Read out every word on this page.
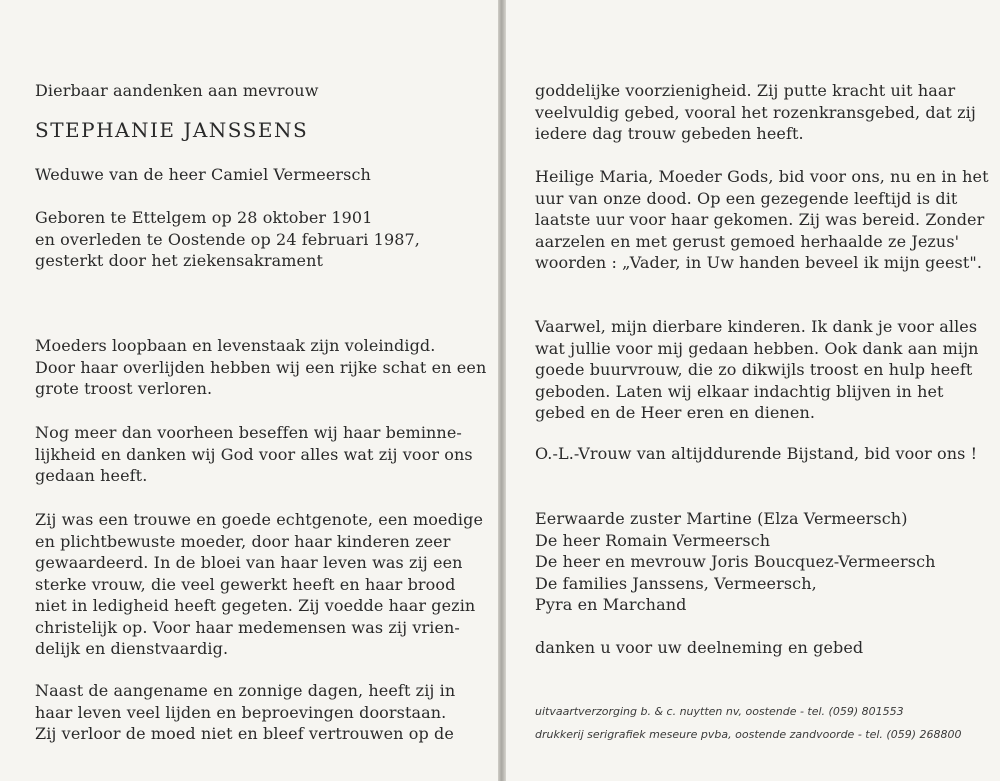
Dierbaar aandenken aan mevrouw
STEPHANIE JANSSENS
Weduwe van de heer Camiel Vermeersch
Geboren te Ettelgem op 28 oktober 1901
en overleden te Oostende op 24 februari 1987,
gesterkt door het ziekensakrament
Moeders loopbaan en levenstaak zijn voleindigd.
Door haar overlijden hebben wij een rijke schat en een
grote troost verloren.
Nog meer dan voorheen beseffen wij haar beminne-
lijkheid en danken wij God voor alles wat zij voor ons
gedaan heeft.
Zij was een trouwe en goede echtgenote, een moedige
en plichtbewuste moeder, door haar kinderen zeer
gewaardeerd. In de bloei van haar leven was zij een
sterke vrouw, die veel gewerkt heeft en haar brood
niet in ledigheid heeft gegeten. Zij voedde haar gezin
christelijk op. Voor haar medemensen was zij vrien-
delijk en dienstvaardig.
Naast de aangename en zonnige dagen, heeft zij in
haar leven veel lijden en beproevingen doorstaan.
Zij verloor de moed niet en bleef vertrouwen op de
goddelijke voorzienigheid. Zij putte kracht uit haar
veelvuldig gebed, vooral het rozenkransgebed, dat zij
iedere dag trouw gebeden heeft.
Heilige Maria, Moeder Gods, bid voor ons, nu en in het
uur van onze dood. Op een gezegende leeftijd is dit
laatste uur voor haar gekomen. Zij was bereid. Zonder
aarzelen en met gerust gemoed herhaalde ze Jezus'
woorden : „Vader, in Uw handen beveel ik mijn geest".
Vaarwel, mijn dierbare kinderen. Ik dank je voor alles
wat jullie voor mij gedaan hebben. Ook dank aan mijn
goede buurvrouw, die zo dikwijls troost en hulp heeft
geboden. Laten wij elkaar indachtig blijven in het
gebed en de Heer eren en dienen.
O.-L.-Vrouw van altijddurende Bijstand, bid voor ons !
Eerwaarde zuster Martine (Elza Vermeersch)
De heer Romain Vermeersch
De heer en mevrouw Joris Boucquez-Vermeersch
De families Janssens, Vermeersch,
Pyra en Marchand
danken u voor uw deelneming en gebed
uitvaartverzorging b. & c. nuytten nv, oostende - tel. (059) 801553
drukkerij serigrafiek meseure pvba, oostende zandvoorde - tel. (059) 268800
